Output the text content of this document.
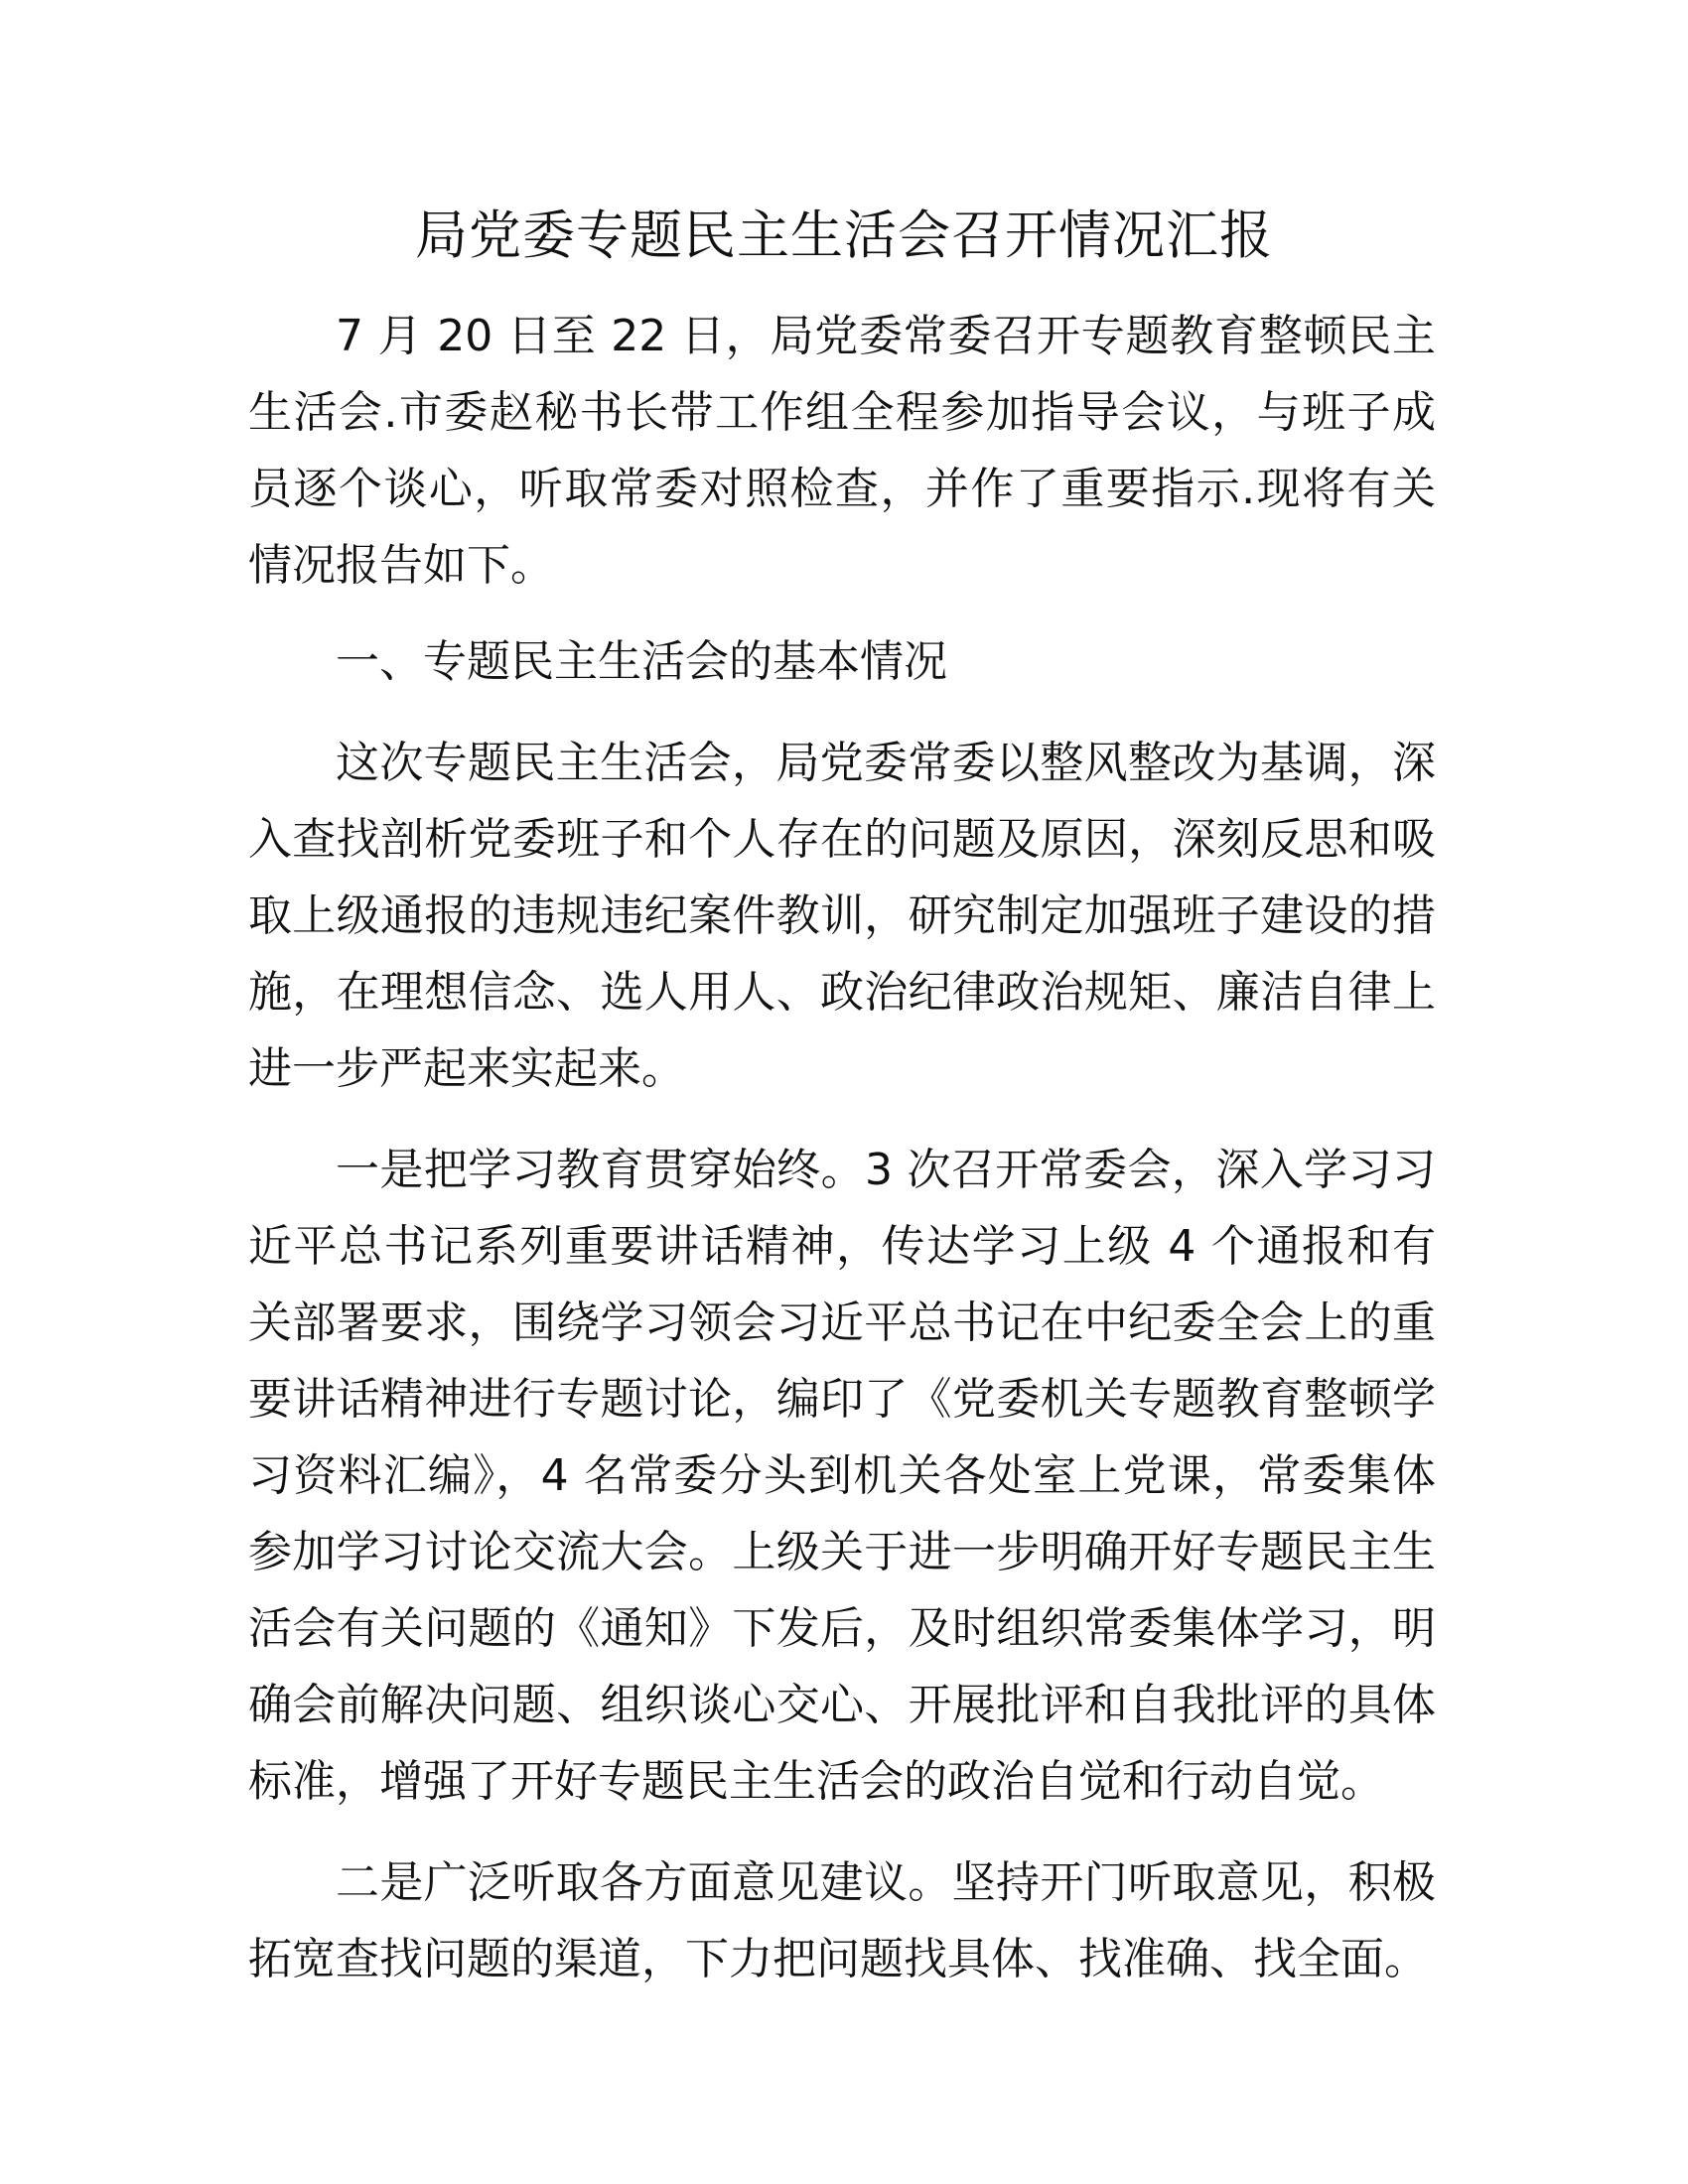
局党委专题民主生活会召开情况汇报

7 月 20 日至 22 日，局党委常委召开专题教育整顿民主生活会.市委赵秘书长带工作组全程参加指导会议，与班子成员逐个谈心，听取常委对照检查，并作了重要指示.现将有关情况报告如下。

一、专题民主生活会的基本情况

这次专题民主生活会，局党委常委以整风整改为基调，深入查找剖析党委班子和个人存在的问题及原因，深刻反思和吸取上级通报的违规违纪案件教训，研究制定加强班子建设的措施，在理想信念、选人用人、政治纪律政治规矩、廉洁自律上进一步严起来实起来。

一是把学习教育贯穿始终。3 次召开常委会，深入学习习近平总书记系列重要讲话精神，传达学习上级 4 个通报和有关部署要求，围绕学习领会习近平总书记在中纪委全会上的重要讲话精神进行专题讨论，编印了《党委机关专题教育整顿学习资料汇编》，4 名常委分头到机关各处室上党课，常委集体参加学习讨论交流大会。上级关于进一步明确开好专题民主生活会有关问题的《通知》下发后，及时组织常委集体学习，明确会前解决问题、组织谈心交心、开展批评和自我批评的具体标准，增强了开好专题民主生活会的政治自觉和行动自觉。

二是广泛听取各方面意见建议。坚持开门听取意见，积极拓宽查找问题的渠道，下力把问题找具体、找准确、找全面。
